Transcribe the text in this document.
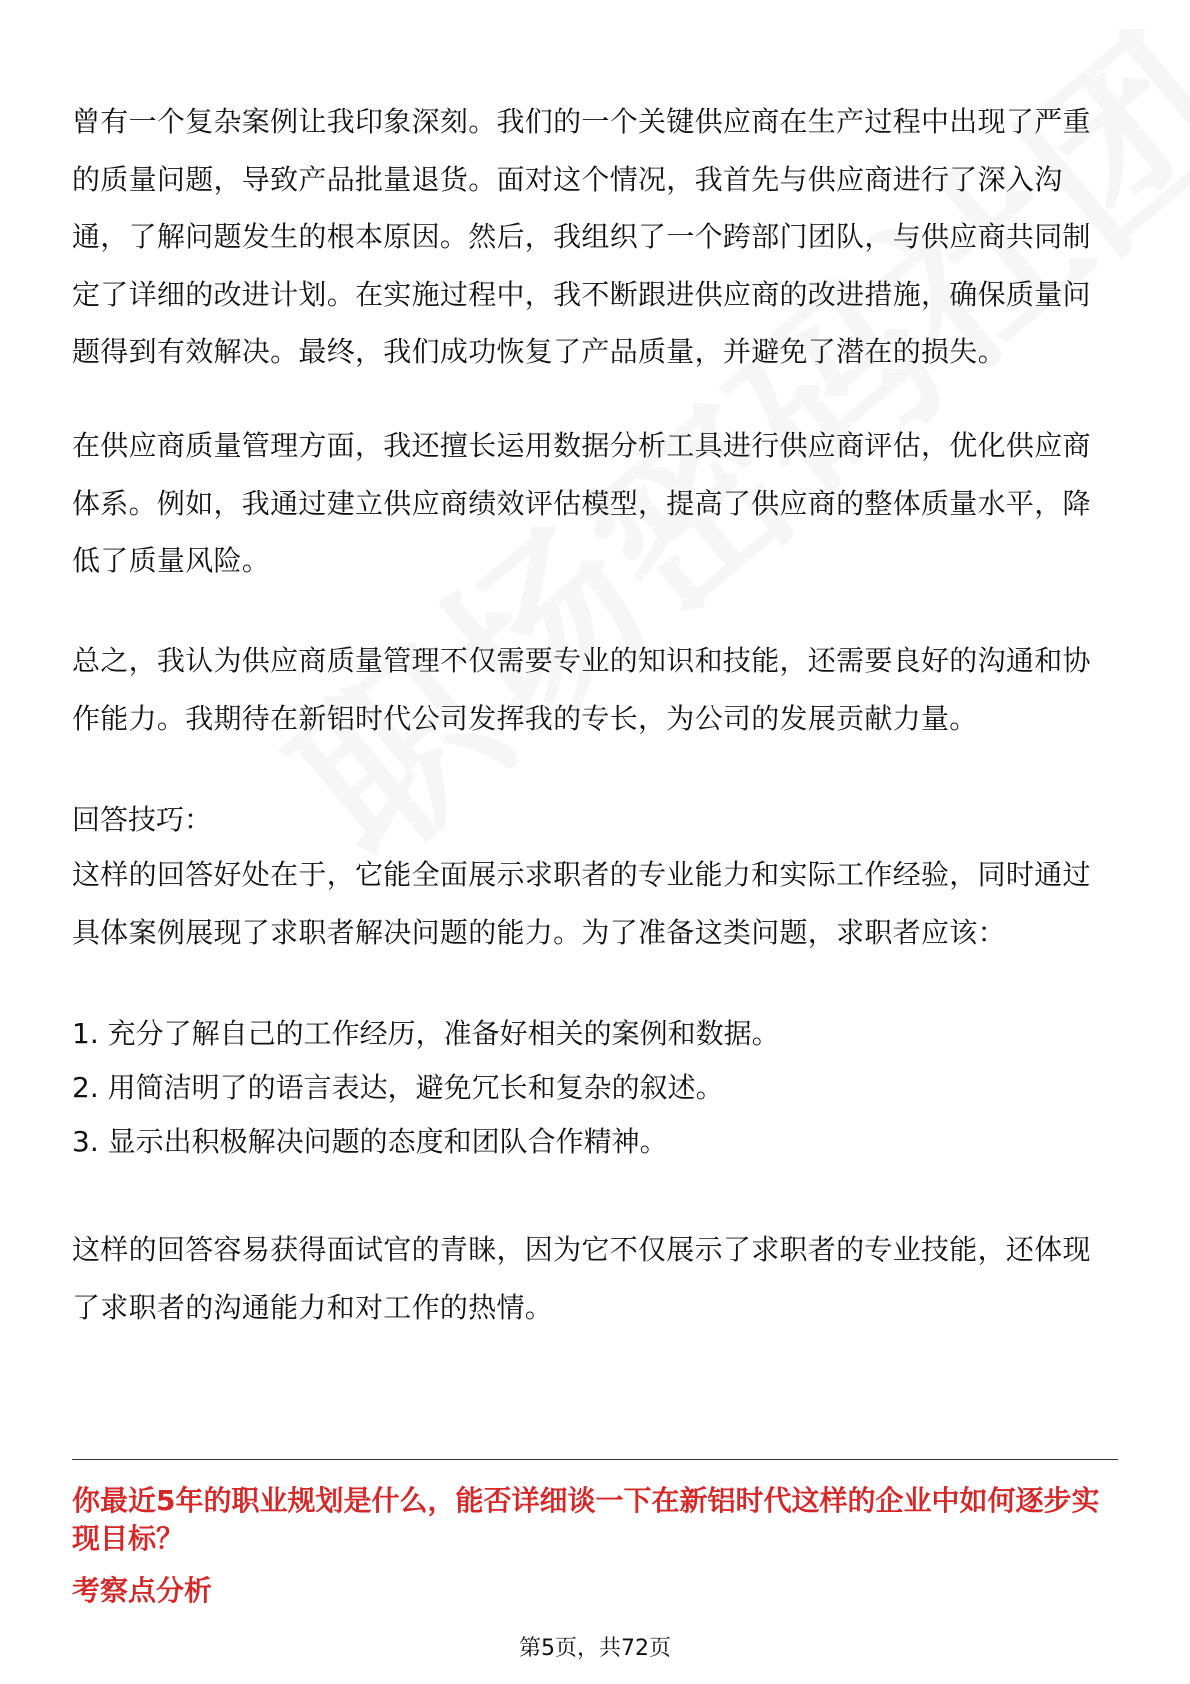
曾有一个复杂案例让我印象深刻。我们的一个关键供应商在生产过程中出现了严重的质量问题，导致产品批量退货。面对这个情况，我首先与供应商进行了深入沟通，了解问题发生的根本原因。然后，我组织了一个跨部门团队，与供应商共同制定了详细的改进计划。在实施过程中，我不断跟进供应商的改进措施，确保质量问题得到有效解决。最终，我们成功恢复了产品质量，并避免了潜在的损失。

在供应商质量管理方面，我还擅长运用数据分析工具进行供应商评估，优化供应商体系。例如，我通过建立供应商绩效评估模型，提高了供应商的整体质量水平，降低了质量风险。

总之，我认为供应商质量管理不仅需要专业的知识和技能，还需要良好的沟通和协作能力。我期待在新铝时代公司发挥我的专长，为公司的发展贡献力量。

回答技巧：

这样的回答好处在于，它能全面展示求职者的专业能力和实际工作经验，同时通过具体案例展现了求职者解决问题的能力。为了准备这类问题，求职者应该：

1. 充分了解自己的工作经历，准备好相关的案例和数据。

2. 用简洁明了的语言表达，避免冗长和复杂的叙述。

3. 显示出积极解决问题的态度和团队合作精神。

这样的回答容易获得面试官的青睐，因为它不仅展示了求职者的专业技能，还体现了求职者的沟通能力和对工作的热情。

你最近5年的职业规划是什么，能否详细谈一下在新铝时代这样的企业中如何逐步实现目标？

考察点分析

第5页，共72页
